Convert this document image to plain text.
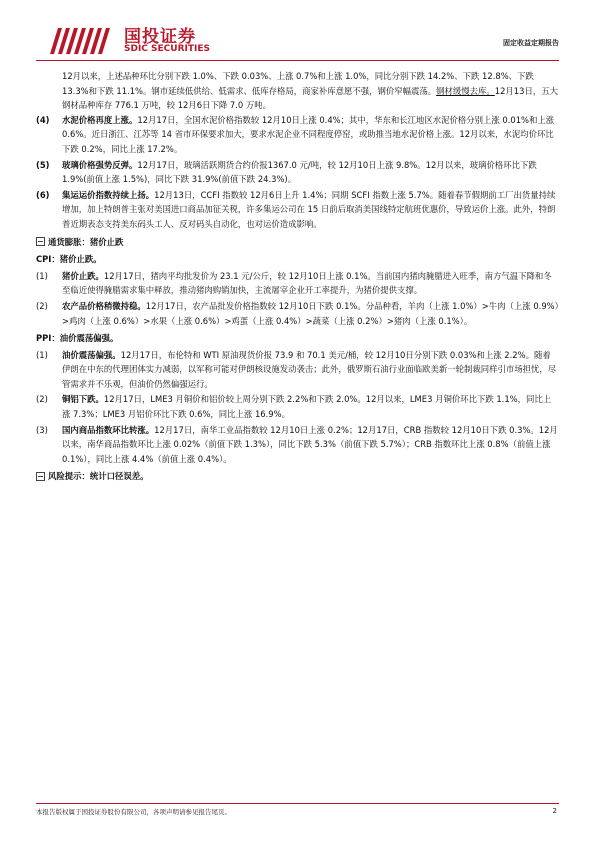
国投证券
SDIC SECURITIES
固定收益定期报告
12月以来，上述品种环比分别下跌 1.0%、下跌 0.03%、上涨 0.7%和上涨 1.0%，同比分别下跌 14.2%、下跌 12.8%、下跌 13.3%和下跌 11.1%。钢市延续低供给、低需求、低库存格局，商家补库意愿不强，钢价窄幅震荡。钢材缓慢去库。12月13日，五大钢材品种库存 776.1 万吨，较 12月6日下降 7.0 万吨。
(4) 水泥价格再度上涨。12月17日，全国水泥价格指数较 12月10日上涨 0.4%；其中，华东和长江地区水泥价格分别上涨 0.01%和上涨 0.6%。近日浙江、江苏等 14 省市环保要求加大，要求水泥企业不同程度停窑，或助推当地水泥价格上涨。12月以来，水泥均价环比下跌 0.2%，同比上涨 17.2%。
(5) 玻璃价格强势反弹。12月17日，玻璃活跃期货合约价报1367.0 元/吨，较 12月10日上涨 9.8%。12月以来，玻璃价格环比下跌 1.9%(前值上涨 1.5%)，同比下跌 31.9%(前值下跌 24.3%)。
(6) 集运运价指数持续上扬。12月13日，CCFI 指数较 12月6日上升 1.4%；同期 SCFI 指数上涨 5.7%。随着春节假期前工厂出货量持续增加，加上特朗普主张对美国进口商品加征关税，许多集运公司在 15 日前后取消美国线特定航班优惠价，导致运价上涨。此外，特朗普近期表态支持美东码头工人、反对码头自动化，也对运价造成影响。
通货膨胀：猪价止跌
CPI：猪价止跌。
(1) 猪价止跌。12月17日，猪肉平均批发价为 23.1 元/公斤，较 12月10日上涨 0.1%。当前国内猪肉腌腊进入旺季，南方气温下降和冬至临近使得腌腊需求集中释放，推动猪肉购销加快，主流屠宰企业开工率提升，为猪价提供支撑。
(2) 农产品价格稍微持稳。12月17日，农产品批发价格指数较 12月10日下跌 0.1%。分品种看，羊肉（上涨 1.0%）>牛肉（上涨 0.9%）>鸡肉（上涨 0.6%）>水果（上涨 0.6%）>鸡蛋（上涨 0.4%）>蔬菜（上涨 0.2%）>猪肉（上涨 0.1%）。
PPI：油价震荡偏强。
(1) 油价震荡偏强。12月17日，布伦特和 WTI 原油现货价报 73.9 和 70.1 美元/桶，较 12月10日分别下跌 0.03%和上涨 2.2%。随着伊朗在中东的代理团体实力减弱，以军称可能对伊朗核设施发动袭击；此外，俄罗斯石油行业面临欧美新一轮制裁同样引市场担忧，尽管需求并不乐观，但油价仍然偏强运行。
(2) 铜铝下跌。12月17日，LME3 月铜价和铝价较上周分别下跌 2.2%和下跌 2.0%。12月以来，LME3 月铜价环比下跌 1.1%，同比上涨 7.3%；LME3 月铝价环比下跌 0.6%，同比上涨 16.9%。
(3) 国内商品指数环比转涨。12月17日，南华工业品指数较 12月10日上涨 0.2%；12月17日，CRB 指数较 12月10日下跌 0.3%。12月以来，南华商品指数环比上涨 0.02%（前值下跌 1.3%），同比下跌 5.3%（前值下跌 5.7%）；CRB 指数环比上涨 0.8%（前值上涨 0.1%），同比上涨 4.4%（前值上涨 0.4%）。
风险提示：统计口径误差。
本报告版权属于国投证券股份有限公司，各项声明请参见报告尾页。	2
